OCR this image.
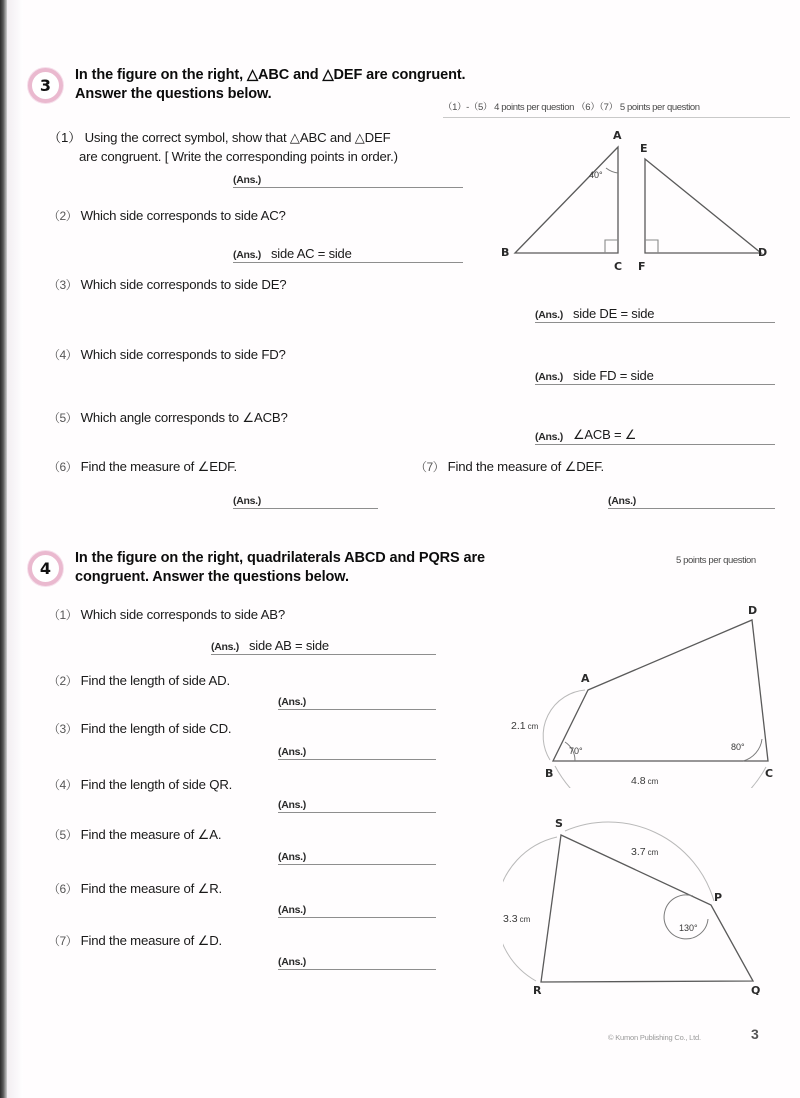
3
In the figure on the right, △ABC and △DEF are congruent.
Answer the questions below.
（1）-（5） 4 points per question （6）（7） 5 points per question
（1） Using the correct symbol, show that △ABC and △DEF
are congruent. [ Write the corresponding points in order.)
(Ans.)
（2） Which side corresponds to side AC?
(Ans.) side AC = side
（3） Which side corresponds to side DE?
(Ans.) side DE = side
（4） Which side corresponds to side FD?
(Ans.) side FD = side
（5） Which angle corresponds to ∠ACB?
(Ans.) ∠ACB = ∠
（6） Find the measure of ∠EDF.
(Ans.)
（7） Find the measure of ∠DEF.
(Ans.)
40°
A
B
C
E
F
D
4
In the figure on the right, quadrilaterals ABCD and PQRS are
congruent. Answer the questions below.
5 points per question
（1） Which side corresponds to side AB?
(Ans.) side AB = side
（2） Find the length of side AD.
(Ans.)
（3） Find the length of side CD.
(Ans.)
（4） Find the length of side QR.
(Ans.)
（5） Find the measure of ∠A.
(Ans.)
（6） Find the measure of ∠R.
(Ans.)
（7） Find the measure of ∠D.
(Ans.)
2.1 cm
4.8 cm
70°	80°
A
B	C
D
3.7 cm
3.3 cm
130°
S
P
R	Q
© Kumon Publishing Co., Ltd.	3
